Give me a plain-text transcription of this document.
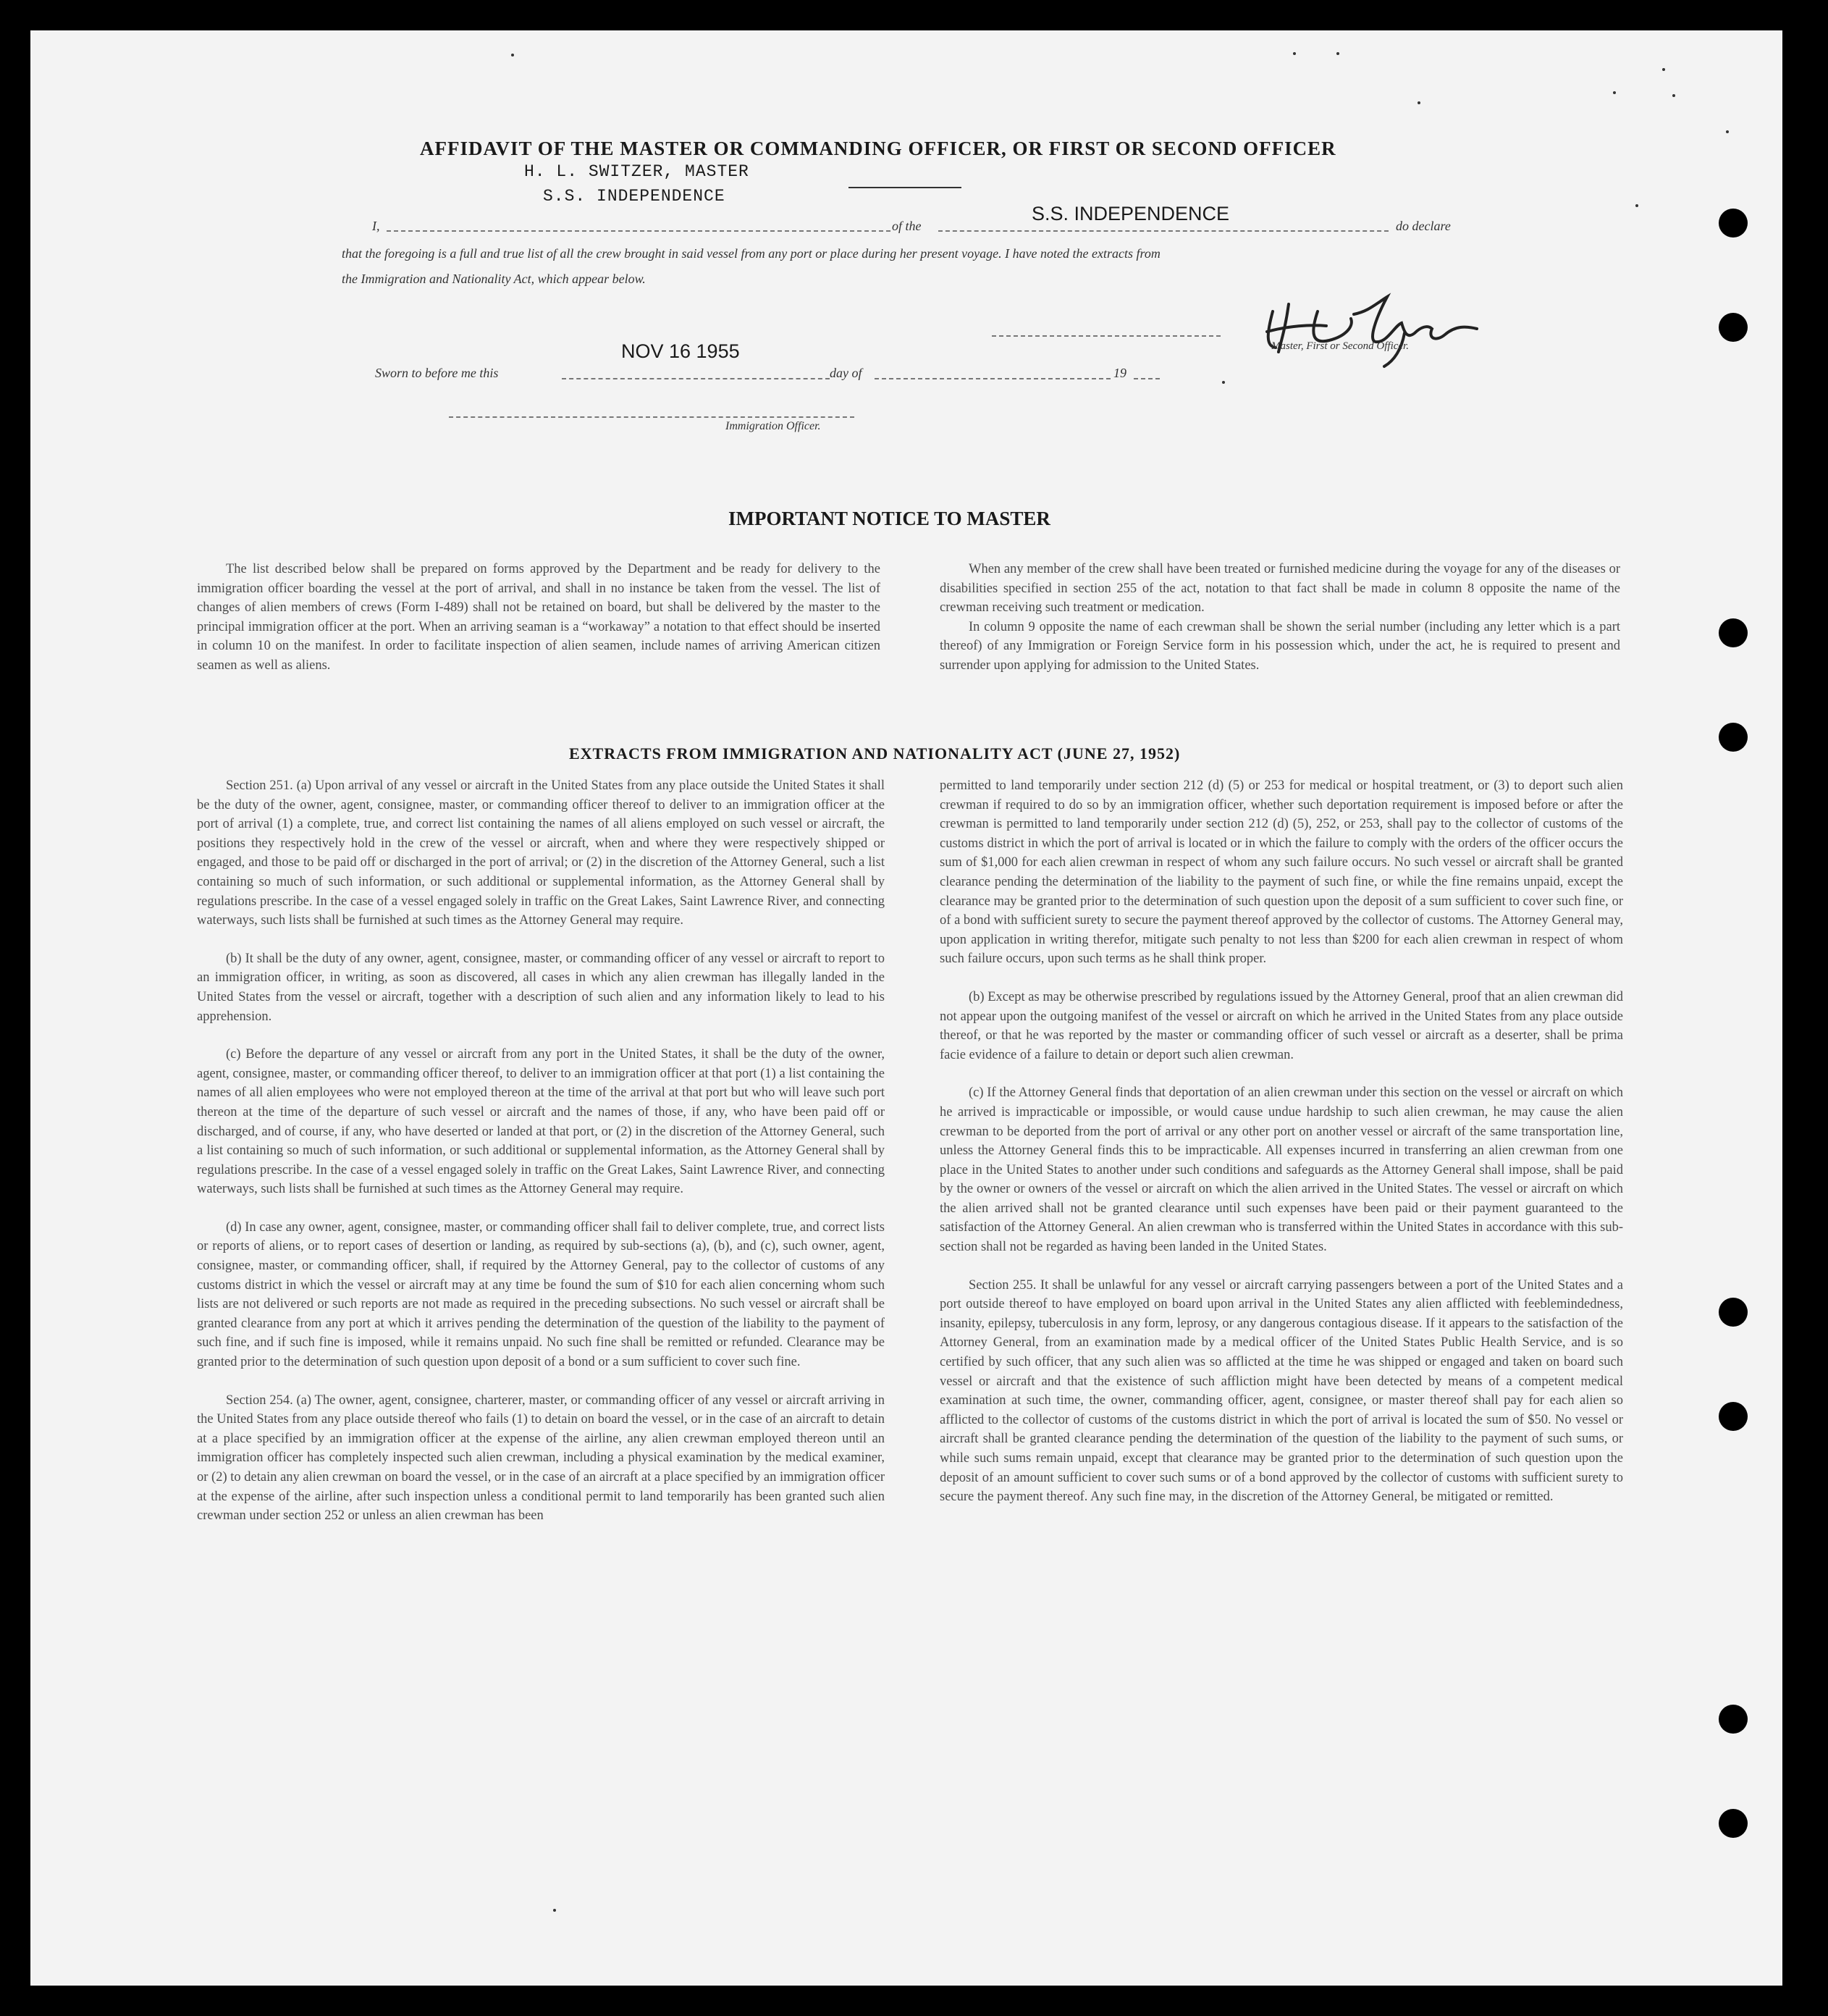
AFFIDAVIT OF THE MASTER OR COMMANDING OFFICER, OR FIRST OR SECOND OFFICER
H. L. SWITZER, MASTER
S.S. INDEPENDENCE
I,	of the
S.S. INDEPENDENCE
do declare
that the foregoing is a full and true list of all the crew brought in said vessel from any port or place during her present voyage. I have noted the extracts from
the Immigration and Nationality Act, which appear below.
Master, First or Second Officer.
Sworn to before me this
NOV 16 1955
day of	19
Immigration Officer.
IMPORTANT NOTICE TO MASTER

The list described below shall be prepared on forms approved by the Department and be ready for delivery to the immigration officer boarding the vessel at the port of arrival, and shall in no instance be taken from the vessel. The list of changes of alien members of crews (Form I-489) shall not be retained on board, but shall be delivered by the master to the principal immigration officer at the port. When an arriving seaman is a “workaway” a notation to that effect should be inserted in column 10 on the manifest. In order to facilitate inspection of alien seamen, include names of arriving American citizen seamen as well as aliens.

When any member of the crew shall have been treated or furnished medicine during the voyage for any of the diseases or disabilities specified in section 255 of the act, notation to that fact shall be made in column 8 opposite the name of the crewman receiving such treatment or medication.

In column 9 opposite the name of each crewman shall be shown the serial number (including any letter which is a part thereof) of any Immigration or Foreign Service form in his possession which, under the act, he is required to present and surrender upon applying for admission to the United States.

EXTRACTS FROM IMMIGRATION AND NATIONALITY ACT (JUNE 27, 1952)

Section 251. (a) Upon arrival of any vessel or aircraft in the United States from any place outside the United States it shall be the duty of the owner, agent, consignee, master, or commanding officer thereof to deliver to an immigration officer at the port of arrival (1) a complete, true, and correct list containing the names of all aliens employed on such vessel or aircraft, the positions they respectively hold in the crew of the vessel or aircraft, when and where they were respectively shipped or engaged, and those to be paid off or discharged in the port of arrival; or (2) in the discretion of the Attorney General, such a list containing so much of such information, or such additional or supplemental information, as the Attorney General shall by regulations prescribe. In the case of a vessel engaged solely in traffic on the Great Lakes, Saint Lawrence River, and connecting waterways, such lists shall be furnished at such times as the Attorney General may require.

(b) It shall be the duty of any owner, agent, consignee, master, or commanding officer of any vessel or aircraft to report to an immigration officer, in writing, as soon as discovered, all cases in which any alien crewman has illegally landed in the United States from the vessel or aircraft, together with a description of such alien and any information likely to lead to his apprehension.

(c) Before the departure of any vessel or aircraft from any port in the United States, it shall be the duty of the owner, agent, consignee, master, or commanding officer thereof, to deliver to an immigration officer at that port (1) a list containing the names of all alien employees who were not employed thereon at the time of the arrival at that port but who will leave such port thereon at the time of the departure of such vessel or aircraft and the names of those, if any, who have been paid off or discharged, and of course, if any, who have deserted or landed at that port, or (2) in the discretion of the Attorney General, such a list containing so much of such information, or such additional or supplemental information, as the Attorney General shall by regulations prescribe. In the case of a vessel engaged solely in traffic on the Great Lakes, Saint Lawrence River, and connecting waterways, such lists shall be furnished at such times as the Attorney General may require.

(d) In case any owner, agent, consignee, master, or commanding officer shall fail to deliver complete, true, and correct lists or reports of aliens, or to report cases of desertion or landing, as required by sub-sections (a), (b), and (c), such owner, agent, consignee, master, or commanding officer, shall, if required by the Attorney General, pay to the collector of customs of any customs district in which the vessel or aircraft may at any time be found the sum of $10 for each alien concerning whom such lists are not delivered or such reports are not made as required in the preceding subsections. No such vessel or aircraft shall be granted clearance from any port at which it arrives pending the determination of the question of the liability to the payment of such fine, and if such fine is imposed, while it remains unpaid. No such fine shall be remitted or refunded. Clearance may be granted prior to the determination of such question upon deposit of a bond or a sum sufficient to cover such fine.

Section 254. (a) The owner, agent, consignee, charterer, master, or commanding officer of any vessel or aircraft arriving in the United States from any place outside thereof who fails (1) to detain on board the vessel, or in the case of an aircraft to detain at a place specified by an immigration officer at the expense of the airline, any alien crewman employed thereon until an immigration officer has completely inspected such alien crewman, including a physical examination by the medical examiner, or (2) to detain any alien crewman on board the vessel, or in the case of an aircraft at a place specified by an immigration officer at the expense of the airline, after such inspection unless a conditional permit to land temporarily has been granted such alien crewman under section 252 or unless an alien crewman has been

permitted to land temporarily under section 212 (d) (5) or 253 for medical or hospital treatment, or (3) to deport such alien crewman if required to do so by an immigration officer, whether such deportation requirement is imposed before or after the crewman is permitted to land temporarily under section 212 (d) (5), 252, or 253, shall pay to the collector of customs of the customs district in which the port of arrival is located or in which the failure to comply with the orders of the officer occurs the sum of $1,000 for each alien crewman in respect of whom any such failure occurs. No such vessel or aircraft shall be granted clearance pending the determination of the liability to the payment of such fine, or while the fine remains unpaid, except the clearance may be granted prior to the determination of such question upon the deposit of a sum sufficient to cover such fine, or of a bond with sufficient surety to secure the payment thereof approved by the collector of customs. The Attorney General may, upon application in writing therefor, mitigate such penalty to not less than $200 for each alien crewman in respect of whom such failure occurs, upon such terms as he shall think proper.

(b) Except as may be otherwise prescribed by regulations issued by the Attorney General, proof that an alien crewman did not appear upon the outgoing manifest of the vessel or aircraft on which he arrived in the United States from any place outside thereof, or that he was reported by the master or commanding officer of such vessel or aircraft as a deserter, shall be prima facie evidence of a failure to detain or deport such alien crewman.

(c) If the Attorney General finds that deportation of an alien crewman under this section on the vessel or aircraft on which he arrived is impracticable or impossible, or would cause undue hardship to such alien crewman, he may cause the alien crewman to be deported from the port of arrival or any other port on another vessel or aircraft of the same transportation line, unless the Attorney General finds this to be impracticable. All expenses incurred in transferring an alien crewman from one place in the United States to another under such conditions and safeguards as the Attorney General shall impose, shall be paid by the owner or owners of the vessel or aircraft on which the alien arrived in the United States. The vessel or aircraft on which the alien arrived shall not be granted clearance until such expenses have been paid or their payment guaranteed to the satisfaction of the Attorney General. An alien crewman who is transferred within the United States in accordance with this sub-section shall not be regarded as having been landed in the United States.

Section 255. It shall be unlawful for any vessel or aircraft carrying passengers between a port of the United States and a port outside thereof to have employed on board upon arrival in the United States any alien afflicted with feeblemindedness, insanity, epilepsy, tuberculosis in any form, leprosy, or any dangerous contagious disease. If it appears to the satisfaction of the Attorney General, from an examination made by a medical officer of the United States Public Health Service, and is so certified by such officer, that any such alien was so afflicted at the time he was shipped or engaged and taken on board such vessel or aircraft and that the existence of such affliction might have been detected by means of a competent medical examination at such time, the owner, commanding officer, agent, consignee, or master thereof shall pay for each alien so afflicted to the collector of customs of the customs district in which the port of arrival is located the sum of $50. No vessel or aircraft shall be granted clearance pending the determination of the question of the liability to the payment of such sums, or while such sums remain unpaid, except that clearance may be granted prior to the determination of such question upon the deposit of an amount sufficient to cover such sums or of a bond approved by the collector of customs with sufficient surety to secure the payment thereof. Any such fine may, in the discretion of the Attorney General, be mitigated or remitted.
